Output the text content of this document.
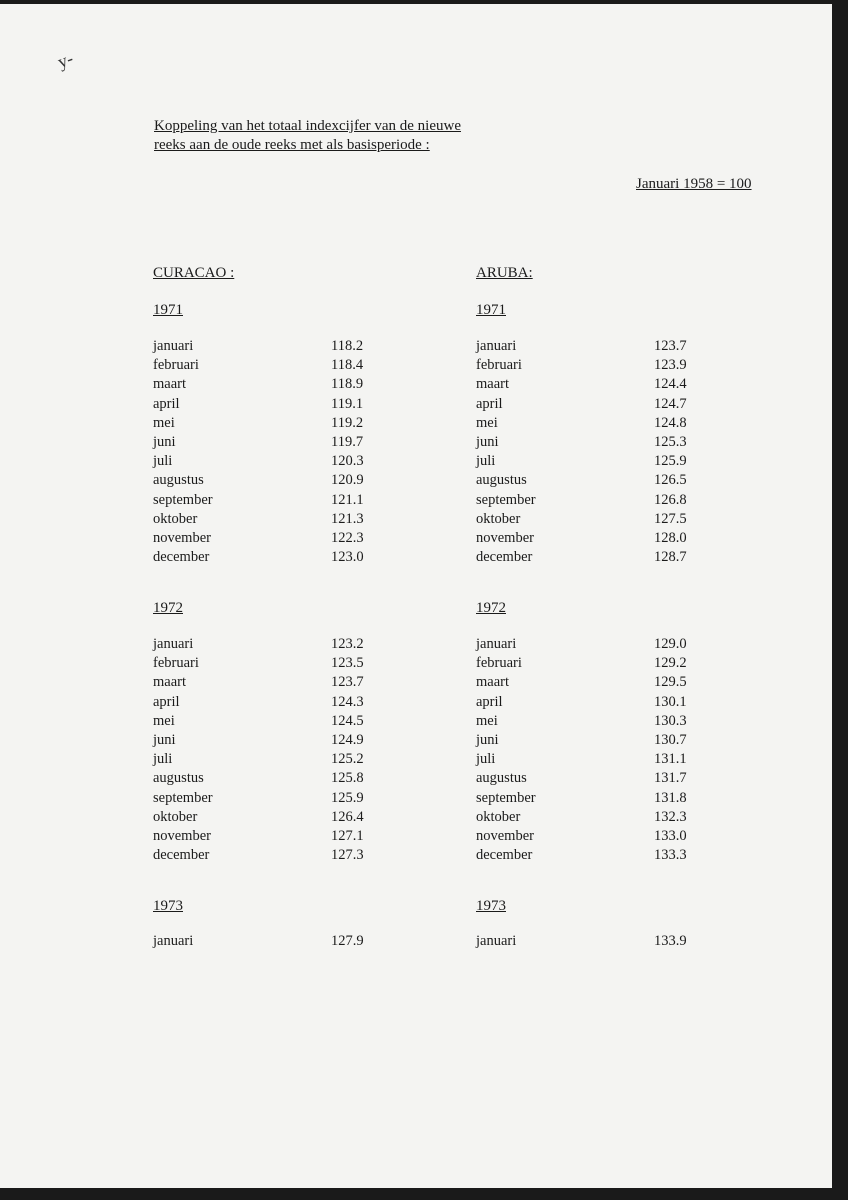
y-
Koppeling van het totaal indexcijfer van de nieuwe
reeks aan de oude reeks met als basisperiode :
Januari 1958 = 100
CURACAO :
1971
januari	118.2
februari	118.4
maart	118.9
april	119.1
mei	119.2
juni	119.7
juli	120.3
augustus	120.9
september	121.1
oktober	121.3
november	122.3
december	123.0
1972
januari	123.2
februari	123.5
maart	123.7
april	124.3
mei	124.5
juni	124.9
juli	125.2
augustus	125.8
september	125.9
oktober	126.4
november	127.1
december	127.3
1973
januari	127.9
ARUBA:
1971
januari	123.7
februari	123.9
maart	124.4
april	124.7
mei	124.8
juni	125.3
juli	125.9
augustus	126.5
september	126.8
oktober	127.5
november	128.0
december	128.7
1972
januari	129.0
februari	129.2
maart	129.5
april	130.1
mei	130.3
juni	130.7
juli	131.1
augustus	131.7
september	131.8
oktober	132.3
november	133.0
december	133.3
1973
januari	133.9
